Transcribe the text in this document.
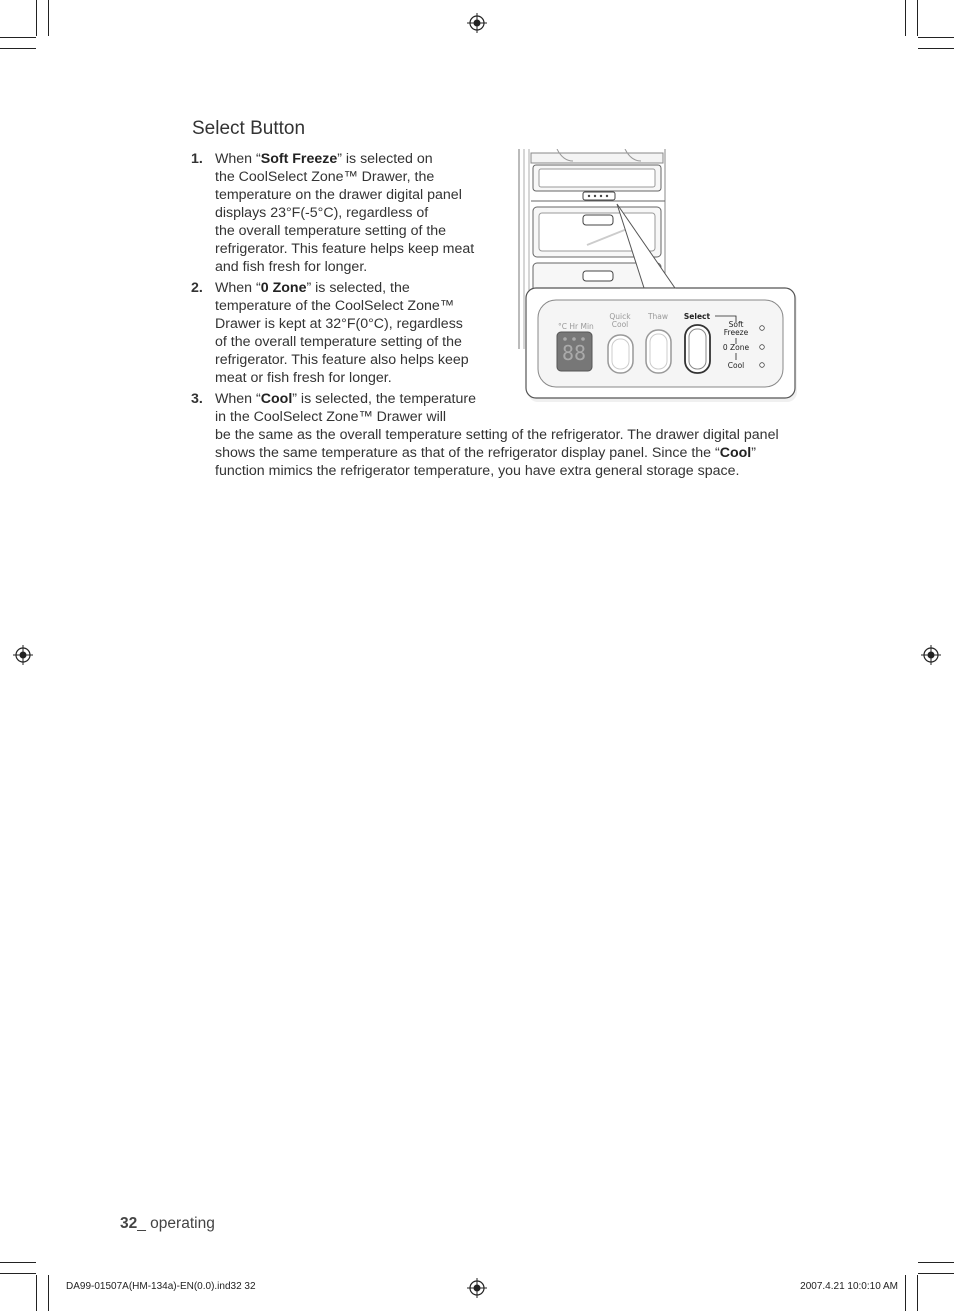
Select Button
1. When “Soft Freeze” is selected on
the CoolSelect Zone™ Drawer, the
temperature on the drawer digital panel
displays 23°F(-5°C), regardless of
the overall temperature setting of the
refrigerator. This feature helps keep meat
and fish fresh for longer.
2. When “0 Zone” is selected, the
temperature of the CoolSelect Zone™
Drawer is kept at 32°F(0°C), regardless
of the overall temperature setting of the
refrigerator. This feature also helps keep
meat or fish fresh for longer.
3. When “Cool” is selected, the temperature
in the CoolSelect Zone™ Drawer will
be the same as the overall temperature setting of the refrigerator. The drawer digital panel
shows the same temperature as that of the refrigerator display panel. Since the “Cool”
function mimics the refrigerator temperature, you have extra general storage space.
88
°C Hr Min
Quick
Cool
Thaw Select
Soft
Freeze
0 Zone
Cool
32_ operating
DA99-01507A(HM-134a)-EN(0.0).ind32 32	2007.4.21 10:0:10 AM
